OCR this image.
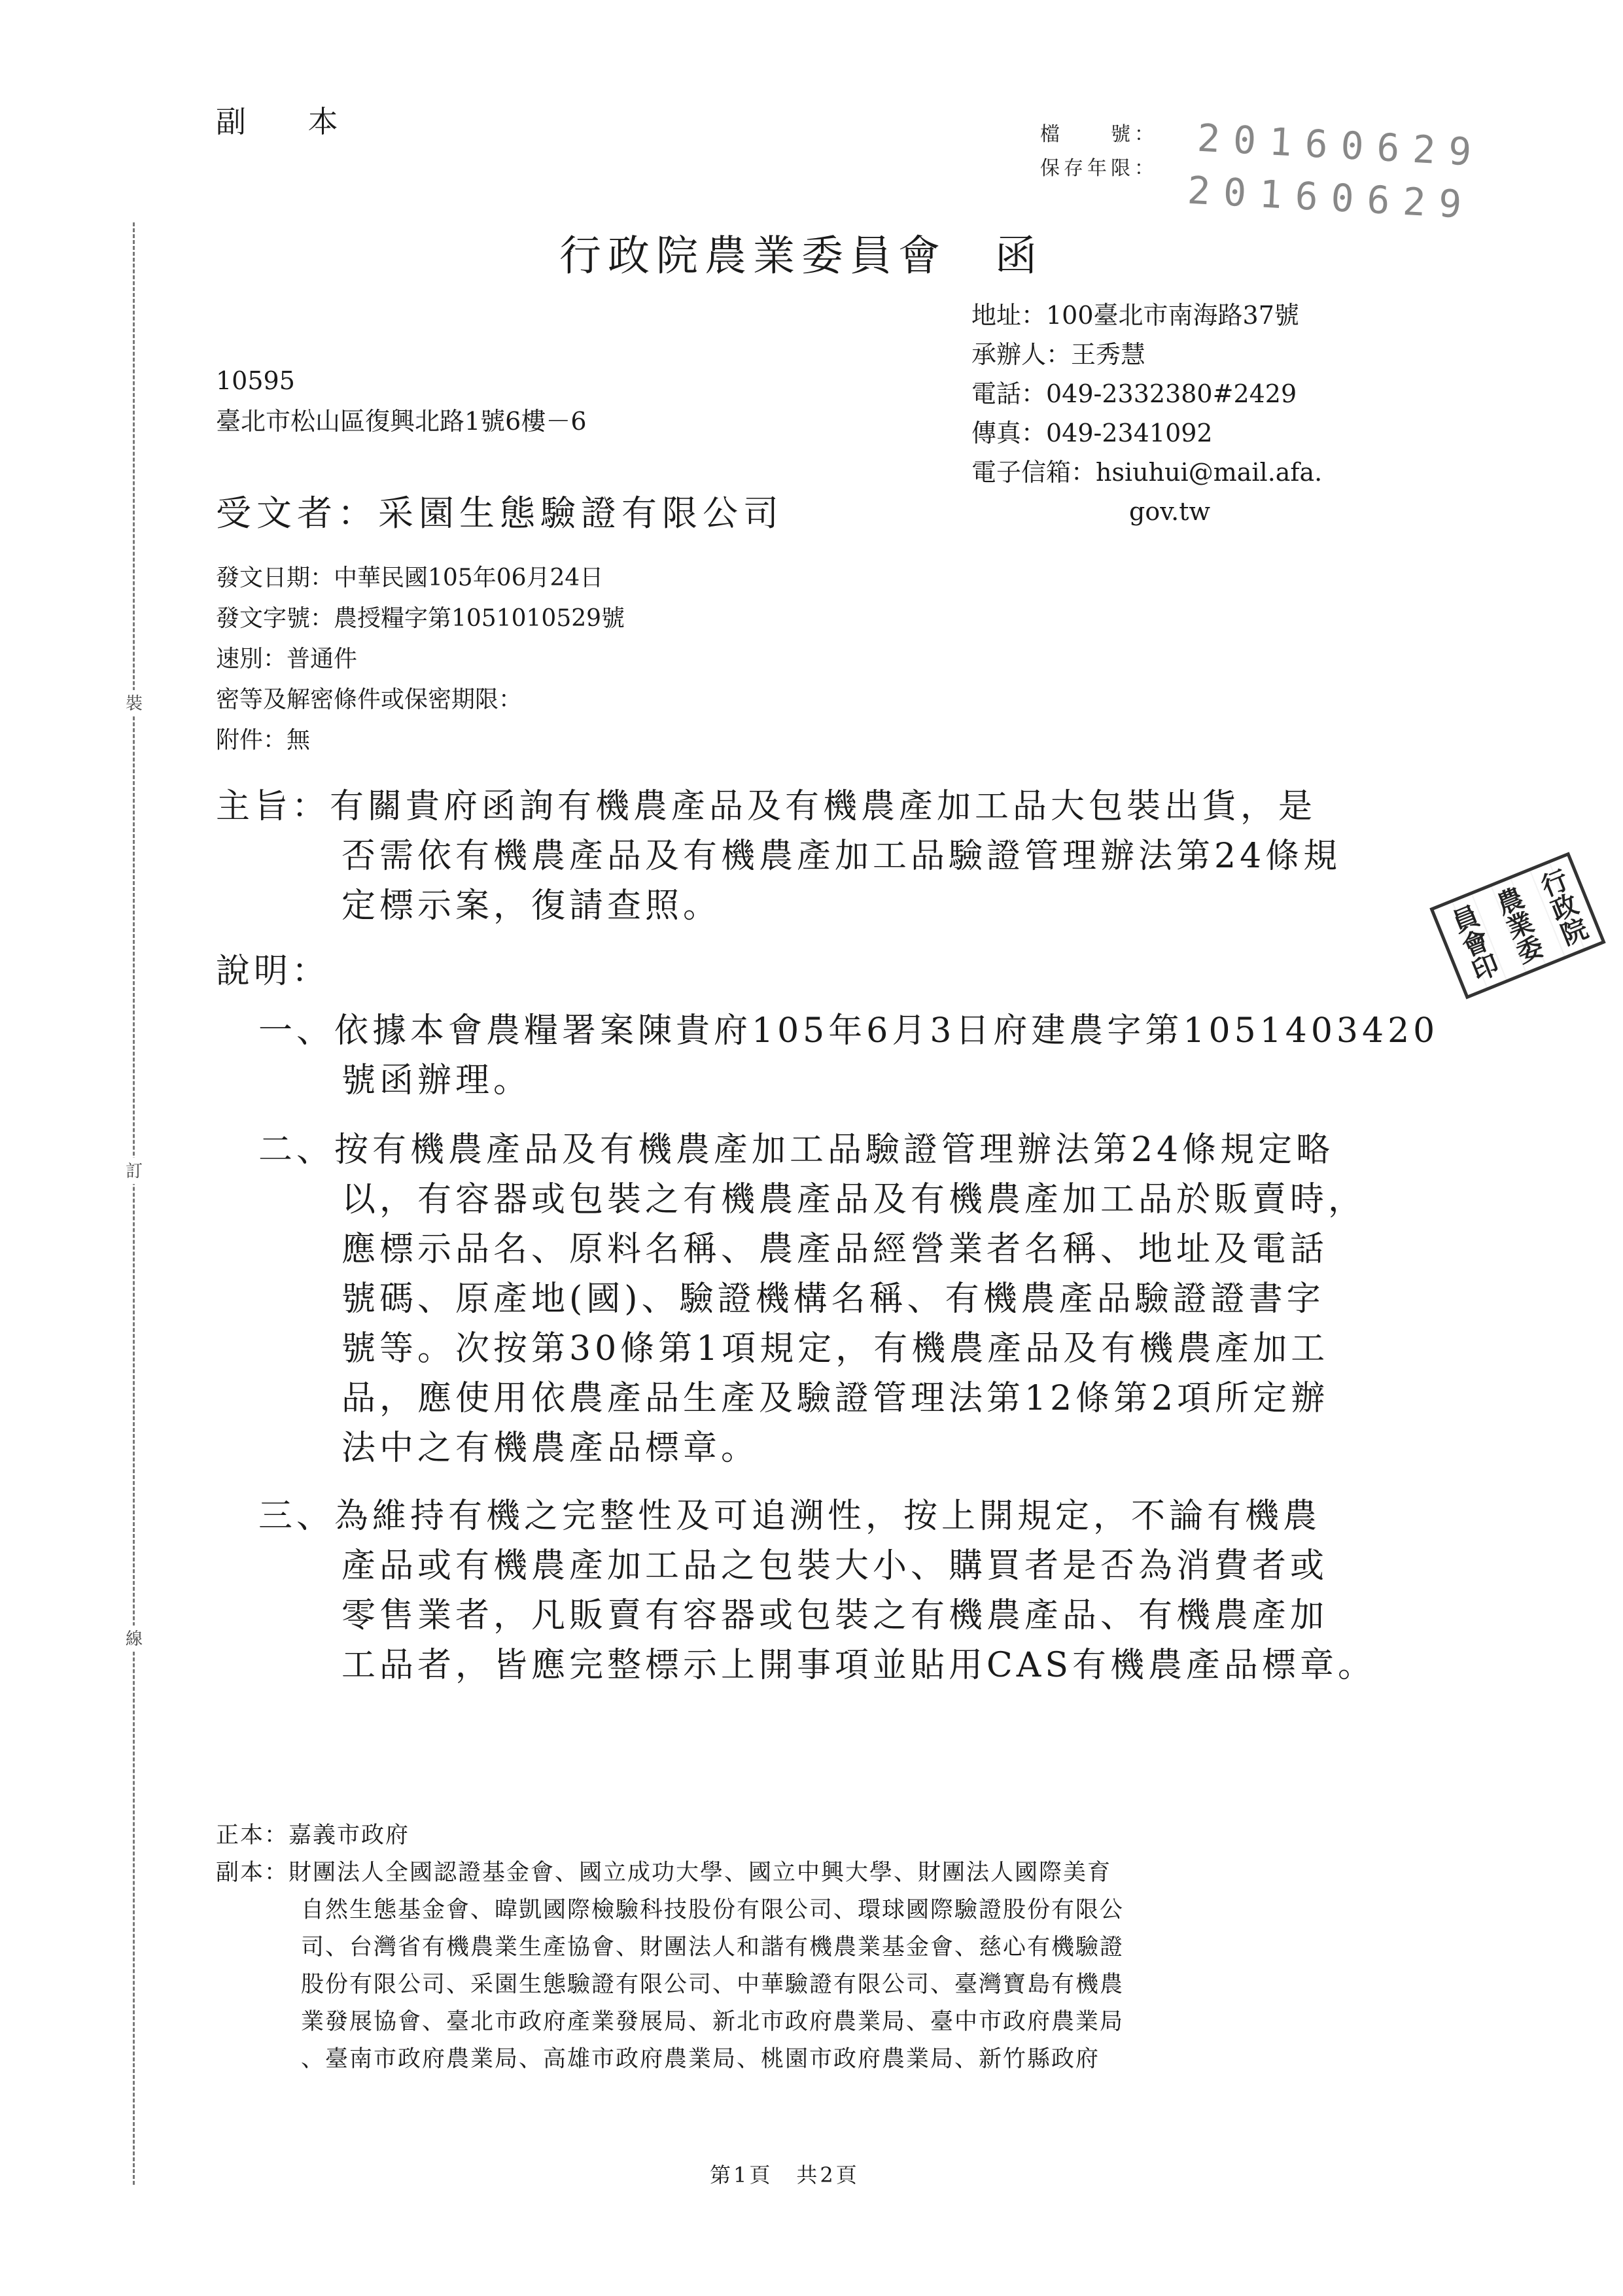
裝
訂
線
副 本	檔　　號：
保存年限： 20160629
20160629
行政院農業委員會　函
地址：100臺北市南海路37號
承辦人：王秀慧
電話：049-2332380#2429
傳真：049-2341092
電子信箱：hsiuhui@mail.afa.
gov.tw
10595
臺北市松山區復興北路1號6樓－6
受文者：采園生態驗證有限公司
發文日期：中華民國105年06月24日
發文字號：農授糧字第1051010529號
速別：普通件
密等及解密條件或保密期限：
附件：無
主旨：有關貴府函詢有機農產品及有機農產加工品大包裝出貨，是
否需依有機農產品及有機農產加工品驗證管理辦法第24條規
定標示案，復請查照。	行政院
農業委
員會印
說明：
一、依據本會農糧署案陳貴府105年6月3日府建農字第1051403420
號函辦理。
二、按有機農產品及有機農產加工品驗證管理辦法第24條規定略
以，有容器或包裝之有機農產品及有機農產加工品於販賣時，
應標示品名、原料名稱、農產品經營業者名稱、地址及電話
號碼、原產地(國)、驗證機構名稱、有機農產品驗證證書字
號等。次按第30條第1項規定，有機農產品及有機農產加工
品，應使用依農產品生產及驗證管理法第12條第2項所定辦
法中之有機農產品標章。
三、為維持有機之完整性及可追溯性，按上開規定，不論有機農
產品或有機農產加工品之包裝大小、購買者是否為消費者或
零售業者，凡販賣有容器或包裝之有機農產品、有機農產加
工品者，皆應完整標示上開事項並貼用CAS有機農產品標章。
正本：嘉義市政府
副本：財團法人全國認證基金會、國立成功大學、國立中興大學、財團法人國際美育
自然生態基金會、暐凱國際檢驗科技股份有限公司、環球國際驗證股份有限公
司、台灣省有機農業生產協會、財團法人和諧有機農業基金會、慈心有機驗證
股份有限公司、采園生態驗證有限公司、中華驗證有限公司、臺灣寶島有機農
業發展協會、臺北市政府產業發展局、新北市政府農業局、臺中市政府農業局
、臺南市政府農業局、高雄市政府農業局、桃園市政府農業局、新竹縣政府
第1頁　共2頁
